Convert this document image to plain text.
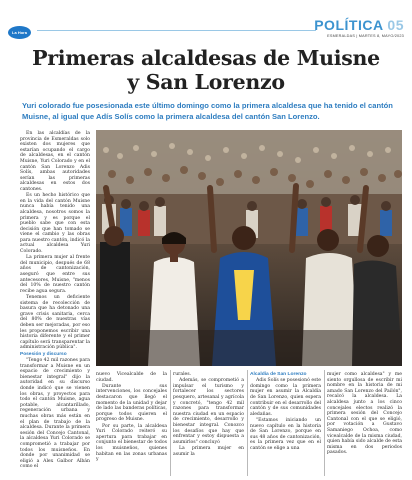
La Hora	POLÍTICA 05
ESMERALDAS | MARTES 8, MAYO/2023
Primeras alcaldesas de Muisne y San Lorenzo
Yuri colorado fue posesionada este último domingo como la primera alcaldesa que ha tenido el cantón Muisne, al igual que Adís Solís como la primera alcaldesa del cantón San Lorenzo.

En las alcaldías de la provincia de Esmeraldas solo existen dos mujeres que estarían ocupando el cargo de alcaldesas, en el cantón Muisne, Yuri Colorado y en el cantón San Lorenzo Adis Solís, ambas autoridades serían las primeras alcaldesas en estos dos cantones.

Es un hecho histórico que en la vida del cantón Muisne nunca había tenido una alcaldesa, nosotros somos la primera y es porque el pueblo sabe que con esta decisión que han tomado se viene el cambio y las obras para nuestro cantón, indicó la actual alcaldesa Yuri Colorado.

La primera mujer al frente del municipio, después de 68 años de cantonización, aseguró que entre sus antecesores, Muisne, "menos del 10% de nuestro cantón recibe agua segura.

Tenemos un deficiente sistema de recolección de basura que ha detonado una grave crisis sanitaria, cerca del 80% de nuestras vías deben ser mejoradas, por eso les proponemos escribir una historia diferente y el primer capítulo será transparentar la administración pública".

Posesión y discurso

"Tengo 42 mil razones para transformar a Muisne en un espacio de crecimiento y bienestar integral" dijo la autoridad en su discurso donde indicó que se vienen los obras, y proyectos para todo el cantón Muisne, agua potable, alcantarillado, regeneración urbana y muchas obras más están en el plan de trabajo de la alcaldesa. Durante la primera sesión del Concejo Cantonal, la alcaldesa Yuri Colorado se comprometió a trabajar por todos los muisneños. En donde por unanimidad se eligió a Alex Galbor Albán como el

nuevo Vicealcalde de la ciudad.

Durante sus intervenciones, los concejales destacaron que llegó el momento de la unidad y dejar de lado las banderas políticas, porque todos quieren el progreso de Muisne.

Por su parte, la alcaldesa Yuri Colorado reiteró su apertura para trabajar en conjunto el bienestar de todos los muisneños, quienes habitan en las zonas urbanas y

rurales.

Además, se comprometió a impulsar el turismo y fortalecer los sectores pesquero, artesanal y agrícola y concretó, "tengo 42 mil razones para transformar nuestra ciudad en un espacio de crecimiento, desarrollo y bienestar integral. Conozco los desafíos que hay que enfrentar y estoy dispuesta a asumirlos" concluyó

La primera mujer en asumir la

Alcaldía de San Lorenzo

Adis Solís se posesionó este domingo como la primera mujer en asumir la Alcaldía de San Lorenzo, quien espera contribuir en el desarrollo del cantón y de sus comunidades aledañas.

"Estamos iniciando un nuevo capítulo en la historia de San Lorenzo, porque en sus 48 años de cantonización, es la primera vez que en el cantón se elige a una

mujer como alcaldesa" y me siento orgullosa de escribir mi nombre en la historia de mi amado San Lorenzo del Pailón", recalcó la alcaldesa. La alcaldesa junto a los cinco concejales electos realizó la primera sesión del Concejo Cantonal con el que se eligió, por votación a Gustavo Samaniego Ochoa, como vicealcalde de la misma ciudad, quien había sido alcalde de esta misma en dos periodos pasados.
